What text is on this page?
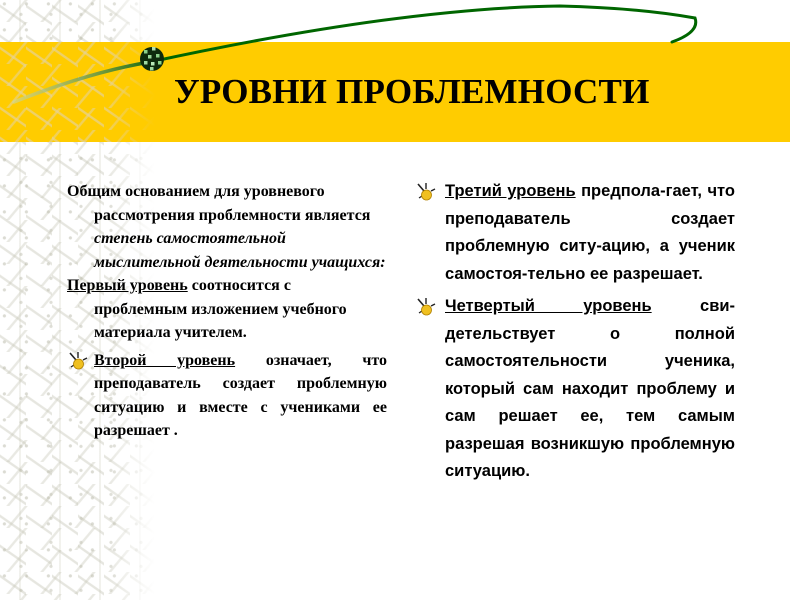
УРОВНИ ПРОБЛЕМНОСТИ

Общим основанием для уровневого рассмотрения проблемности является степень самостоятельной мыслительной деятельности учащихся:

Первый уровень соотносится с проблемным изложением учебного материала учителем.

Второй уровень означает, что преподаватель создает проблемную ситуацию и вместе с учениками ее разрешает .

Третий уровень предпола-гает, что преподаватель создает проблемную ситу-ацию, а ученик самостоя-тельно ее разрешает.

Четвертый уровень сви-детельствует о полной самостоятельности ученика, который сам находит проблему и сам решает ее, тем самым разрешая возникшую проблемную ситуацию.
